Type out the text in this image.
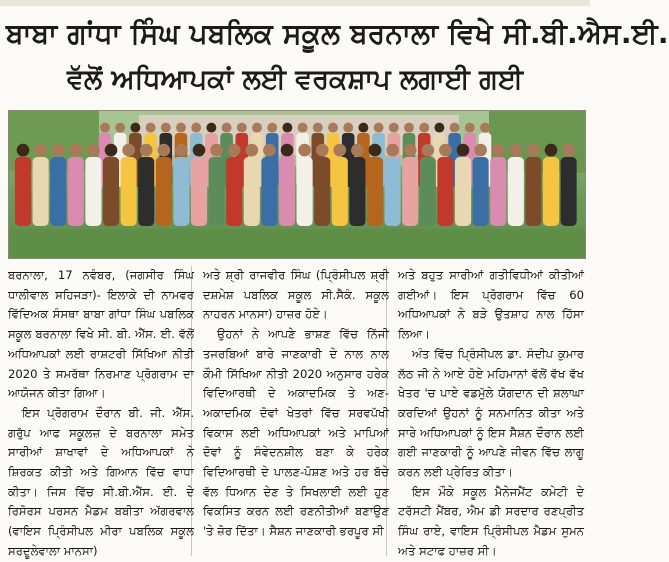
ਬਾਬਾ ਗਾਂਧਾ ਸਿੰਘ ਪਬਲਿਕ ਸਕੂਲ ਬਰਨਾਲਾ ਵਿਖੇ ਸੀ.ਬੀ.ਐਸ.ਈ.
ਵੱਲੋਂ ਅਧਿਆਪਕਾਂ ਲਈ ਵਰਕਸ਼ਾਪ ਲਗਾਈ ਗਈ

ਬਰਨਾਲਾ, 17 ਨਵੰਬਰ, (ਜਗਸੀਰ ਸਿੰਘ ਧਾਲੀਵਾਲ ਸਹਿਜੜਾ)- ਇਲਾਕੇ ਦੀ ਨਾਮਵਰ ਵਿੱਦਿਅਕ ਸੰਸਥਾ ਬਾਬਾ ਗਾਂਧਾ ਸਿੰਘ ਪਬਲਿਕ ਸਕੂਲ ਬਰਨਾਲਾ ਵਿਖੇ ਸੀ. ਬੀ. ਐੱਸ. ਈ. ਵੱਲੋਂ ਅਧਿਆਪਕਾਂ ਲਈ ਰਾਸ਼ਟਰੀ ਸਿੱਖਿਆ ਨੀਤੀ 2020 ਤੇ ਸਮਰੱਥਾ ਨਿਰਮਾਣ ਪ੍ਰੋਗਰਾਮ ਦਾ ਆਯੋਜਨ ਕੀਤਾ ਗਿਆ।

ਇਸ ਪ੍ਰੋਗਰਾਮ ਦੌਰਾਨ ਬੀ. ਜੀ. ਐੱਸ. ਗਰੁੱਪ ਆਫ ਸਕੂਲਜ਼ ਦੇ ਬਰਨਾਲਾ ਸਮੇਤ ਸਾਰੀਆਂ ਸ਼ਾਖਾਵਾਂ ਦੇ ਅਧਿਆਪਕਾਂ ਨੇ ਸ਼ਿਰਕਤ ਕੀਤੀ ਅਤੇ ਗਿਆਨ ਵਿੱਚ ਵਾਧਾ ਕੀਤਾ। ਜਿਸ ਵਿੱਚ ਸੀ.ਬੀ.ਐੱਸ. ਈ. ਦੇ ਰਿਸੋਰਸ ਪਰਸਨ ਮੈਡਮ ਬਬੀਤਾ ਅੱਗਰਵਾਲ (ਵਾਇਸ ਪ੍ਰਿੰਸੀਪਲ ਮੀਰਾ ਪਬਲਿਕ ਸਕੂਲ ਸਰਦੂਲੇਵਾਲਾ ਮਾਨਸਾ)

ਅਤੇ ਸ਼੍ਰੀ ਰਾਜਵੀਰ ਸਿੰਘ (ਪ੍ਰਿੰਸੀਪਲ ਸ਼੍ਰੀ ਦਸ਼ਮੇਸ਼ ਪਬਲਿਕ ਸਕੂਲ ਸੀ.ਸੈਕੰ. ਸਕੂਲ ਨਾਹਰਨ ਮਾਨਸਾ) ਹਾਜ਼ਰ ਹੋਏ।

ਉਹਨਾਂ ਨੇ ਆਪਣੇ ਭਾਸ਼ਣ ਵਿੱਚ ਨਿੱਜੀ ਤਜਰਬਿਆਂ ਬਾਰੇ ਜਾਣਕਾਰੀ ਦੇ ਨਾਲ ਨਾਲ ਕੌਮੀ ਸਿੱਖਿਆ ਨੀਤੀ 2020 ਅਨੁਸਾਰ ਹਰੇਕ ਵਿਦਿਆਰਥੀ ਦੇ ਅਕਾਦਮਿਕ ਤੇ ਅਣ- ਅਕਾਦਮਿਕ ਦੋਵਾਂ ਖੇਤਰਾਂ ਵਿੱਚ ਸਰਵਪੱਖੀ ਵਿਕਾਸ ਲਈ ਅਧਿਆਪਕਾਂ ਅਤੇ ਮਾਪਿਆਂ ਦੋਵਾਂ ਨੂੰ ਸੰਵੇਦਨਸ਼ੀਲ ਬਣਾ ਕੇ ਹਰੇਕ ਵਿਦਿਆਰਥੀ ਦੇ ਪਾਲਣ-ਪੋਸ਼ਣ ਅਤੇ ਹਰ ਬੱਚੇ ਵੱਲ ਧਿਆਨ ਦੇਣ ਤੇ ਸਿਖਲਾਈ ਲਈ ਹੁਣ ਵਿਕਸਿਤ ਕਰਨ ਲਈ ਰਣਨੀਤੀਆਂ ਬਣਾਉਣ 'ਤੇ ਜ਼ੋਰ ਦਿੱਤਾ। ਸੈਸ਼ਨ ਜਾਣਕਾਰੀ ਭਰਪੂਰ ਸੀ

ਅਤੇ ਬਹੁਤ ਸਾਰੀਆਂ ਗਤੀਵਿਧੀਆਂ ਕੀਤੀਆਂ ਗਈਆਂ। ਇਸ ਪ੍ਰੋਗਰਾਮ ਵਿੱਚ 60 ਅਧਿਆਪਕਾਂ ਨੇ ਬੜੇ ਉਤਸ਼ਾਹ ਨਾਲ ਹਿੱਸਾ ਲਿਆ।

ਅੰਤ ਵਿੱਚ ਪ੍ਰਿੰਸੀਪਲ ਡਾ. ਸੰਦੀਪ ਕੁਮਾਰ ਲੱਠ ਜੀ ਨੇ ਆਏ ਹੋਏ ਮਹਿਮਾਨਾਂ ਵੱਲੋਂ ਵੱਖ ਵੱਖ ਖੇਤਰ 'ਚ ਪਾਏ ਵਡਮੁੱਲੇ ਯੋਗਦਾਨ ਦੀ ਸ਼ਲਾਘਾ ਕਰਦਿਆਂ ਉਹਨਾਂ ਨੂੰ ਸਨਮਾਨਿਤ ਕੀਤਾ ਅਤੇ ਸਾਰੇ ਅਧਿਆਪਕਾਂ ਨੂੰ ਇਸ ਸੈਸ਼ਨ ਦੌਰਾਨ ਲਈ ਗਈ ਜਾਣਕਾਰੀ ਨੂੰ ਆਪਣੇ ਜੀਵਨ ਵਿੱਚ ਲਾਗੂ ਕਰਨ ਲਈ ਪ੍ਰੇਰਿਤ ਕੀਤਾ।

ਇਸ ਮੌਕੇ ਸਕੂਲ ਮੈਨੇਜਮੈਂਟ ਕਮੇਟੀ ਦੇ ਟਰੱਸਟੀ ਮੈਂਬਰ, ਐਮ ਡੀ ਸਰਦਾਰ ਰਣਪ੍ਰੀਤ ਸਿੰਘ ਰਾਏ, ਵਾਇਸ ਪ੍ਰਿੰਸੀਪਲ ਮੈਡਮ ਸੁਮਨ ਅਤੇ ਸਟਾਫ ਹਾਜ਼ਰ ਸੀ।
